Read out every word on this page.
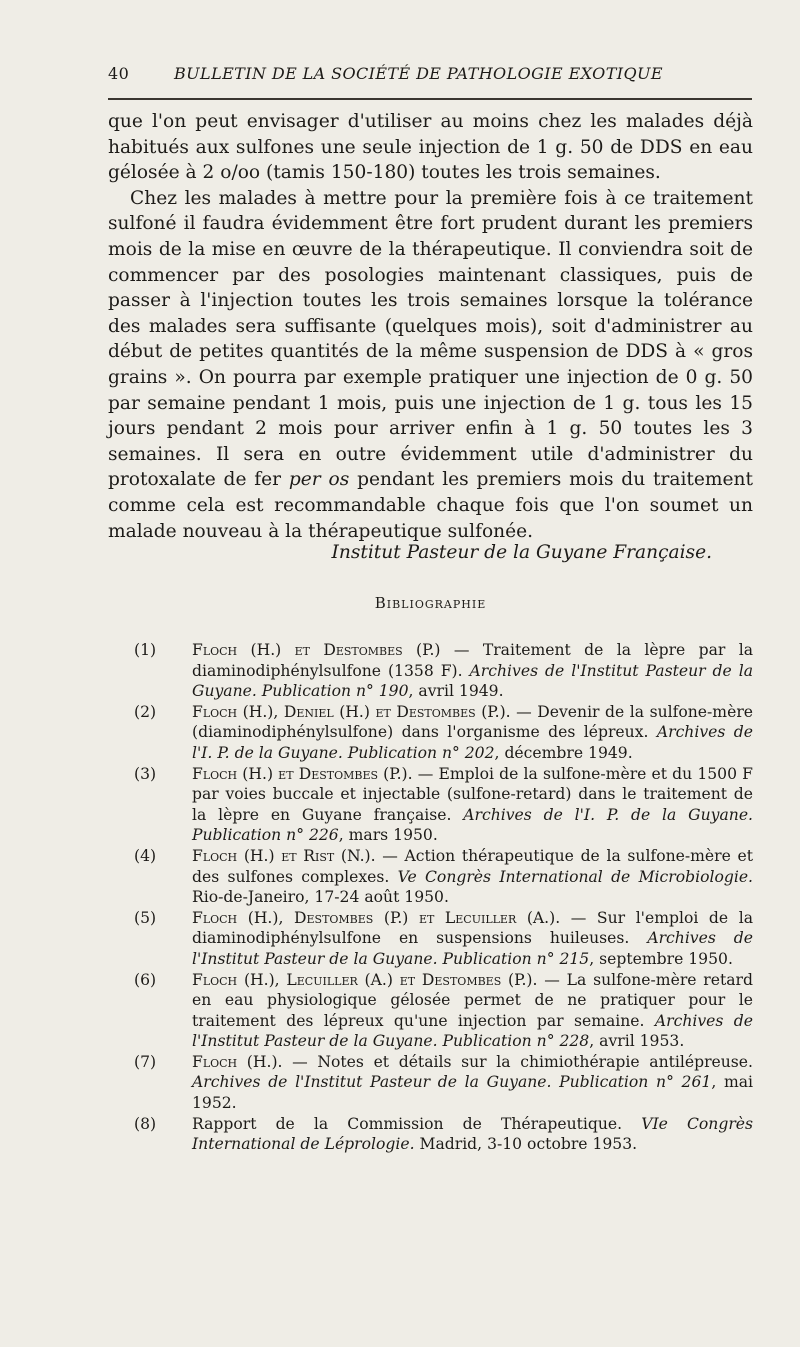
40	BULLETIN DE LA SOCIÉTÉ DE PATHOLOGIE EXOTIQUE

que l'on peut envisager d'utiliser au moins chez les malades déjà habitués aux sulfones une seule injection de 1 g. 50 de DDS en eau gélosée à 2 o/oo (tamis 150-180) toutes les trois semaines.

Chez les malades à mettre pour la première fois à ce traitement sulfoné il faudra évidemment être fort prudent durant les premiers mois de la mise en œuvre de la thérapeutique. Il conviendra soit de commencer par des posologies maintenant classiques, puis de passer à l'injection toutes les trois semaines lorsque la tolérance des malades sera suffisante (quelques mois), soit d'administrer au début de petites quantités de la même suspension de DDS à « gros grains ». On pourra par exemple pratiquer une injection de 0 g. 50 par semaine pendant 1 mois, puis une injection de 1 g. tous les 15 jours pendant 2 mois pour arriver enfin à 1 g. 50 toutes les 3 semaines. Il sera en outre évidemment utile d'administrer du protoxalate de fer per os pendant les premiers mois du traitement comme cela est recommandable chaque fois que l'on soumet un malade nouveau à la thérapeutique sulfonée.

Institut Pasteur de la Guyane Française.
Bibliographie
(1) Floch (H.) et Destombes (P.) — Traitement de la lèpre par la diaminodiphénylsulfone (1358 F). Archives de l'Institut Pasteur de la Guyane. Publication n° 190, avril 1949.
(2) Floch (H.), Deniel (H.) et Destombes (P.). — Devenir de la sulfone-mère (diaminodiphénylsulfone) dans l'organisme des lépreux. Archives de l'I. P. de la Guyane. Publication n° 202, décembre 1949.
(3) Floch (H.) et Destombes (P.). — Emploi de la sulfone-mère et du 1500 F par voies buccale et injectable (sulfone-retard) dans le traitement de la lèpre en Guyane française. Archives de l'I. P. de la Guyane. Publication n° 226, mars 1950.
(4) Floch (H.) et Rist (N.). — Action thérapeutique de la sulfone-mère et des sulfones complexes. Ve Congrès International de Microbiologie. Rio-de-Janeiro, 17-24 août 1950.
(5) Floch (H.), Destombes (P.) et Lecuiller (A.). — Sur l'emploi de la diaminodiphénylsulfone en suspensions huileuses. Archives de l'Institut Pasteur de la Guyane. Publication n° 215, septembre 1950.
(6) Floch (H.), Lecuiller (A.) et Destombes (P.). — La sulfone-mère retard en eau physiologique gélosée permet de ne pratiquer pour le traitement des lépreux qu'une injection par semaine. Archives de l'Institut Pasteur de la Guyane. Publication n° 228, avril 1953.
(7) Floch (H.). — Notes et détails sur la chimiothérapie antilépreuse. Archives de l'Institut Pasteur de la Guyane. Publication n° 261, mai 1952.
(8) Rapport de la Commission de Thérapeutique. VIe Congrès International de Léprologie. Madrid, 3-10 octobre 1953.
